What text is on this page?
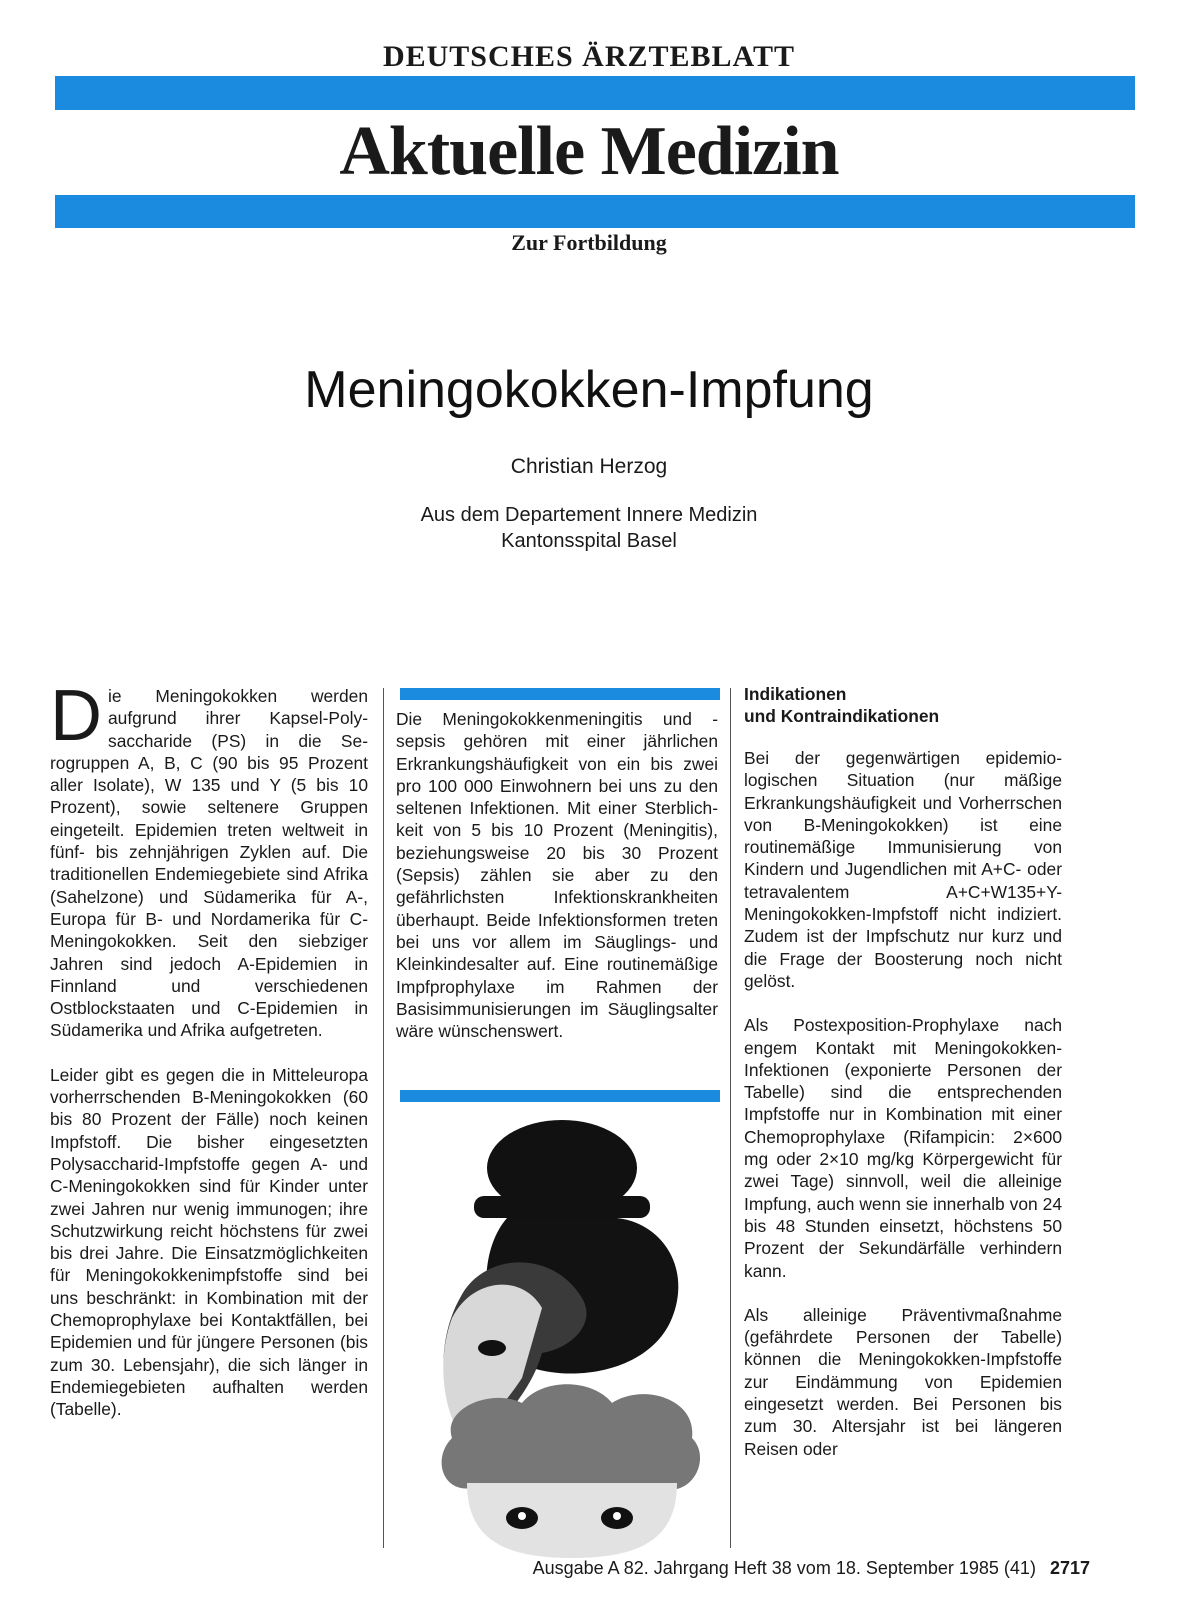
DEUTSCHES ÄRZTEBLATT
Aktuelle Medizin
Zur Fortbildung
Meningokokken-Impfung
Christian Herzog
Aus dem Departement Innere Medizin
Kantonsspital Basel

Die Meningokokken werden aufgrund ihrer Kapsel-Polysaccharide (PS) in die Serogruppen A, B, C (90 bis 95 Prozent aller Isolate), W 135 und Y (5 bis 10 Prozent), sowie seltenere Gruppen eingeteilt. Epidemien treten weltweit in fünf- bis zehnjährigen Zyklen auf. Die traditionellen Endemiegebiete sind Afrika (Sahelzone) und Südamerika für A-, Europa für B- und Nordamerika für C-Meningokokken. Seit den siebziger Jahren sind jedoch A-Epidemien in Finnland und verschiedenen Ostblockstaaten und C-Epidemien in Südamerika und Afrika aufgetreten.

Leider gibt es gegen die in Mitteleuropa vorherrschenden B-Meningokokken (60 bis 80 Prozent der Fälle) noch keinen Impfstoff. Die bisher eingesetzten Polysaccharid-Impfstoffe gegen A- und C-Meningokokken sind für Kinder unter zwei Jahren nur wenig immunogen; ihre Schutzwirkung reicht höchstens für zwei bis drei Jahre. Die Einsatzmöglichkeiten für Meningokokkenimpfstoffe sind bei uns beschränkt: in Kombination mit der Chemoprophylaxe bei Kontaktfällen, bei Epidemien und für jüngere Personen (bis zum 30. Lebensjahr), die sich länger in Endemiegebieten aufhalten werden (Tabelle).

Die Meningokokkenmeningitis und -sepsis gehören mit einer jährlichen Erkrankungshäufigkeit von ein bis zwei pro 100 000 Einwohnern bei uns zu den seltenen Infektionen. Mit einer Sterblichkeit von 5 bis 10 Prozent (Meningitis), beziehungsweise 20 bis 30 Prozent (Sepsis) zählen sie aber zu den gefährlichsten Infektionskrankheiten überhaupt. Beide Infektionsformen treten bei uns vor allem im Säuglings- und Kleinkindesalter auf. Eine routinemäßige Impfprophylaxe im Rahmen der Basisimmunisierungen im Säuglingsalter wäre wünschenswert.

Indikationen
und Kontraindikationen

Bei der gegenwärtigen epidemiologischen Situation (nur mäßige Erkrankungshäufigkeit und Vorherrschen von B-Meningokokken) ist eine routinemäßige Immunisierung von Kindern und Jugendlichen mit A+C- oder tetravalentem A+C+W135+Y-Meningokokken-Impfstoff nicht indiziert. Zudem ist der Impfschutz nur kurz und die Frage der Boosterung noch nicht gelöst.

Als Postexposition-Prophylaxe nach engem Kontakt mit Meningokokken-Infektionen (exponierte Personen der Tabelle) sind die entsprechenden Impfstoffe nur in Kombination mit einer Chemoprophylaxe (Rifampicin: 2×600 mg oder 2×10 mg/kg Körpergewicht für zwei Tage) sinnvoll, weil die alleinige Impfung, auch wenn sie innerhalb von 24 bis 48 Stunden einsetzt, höchstens 50 Prozent der Sekundärfälle verhindern kann.

Als alleinige Präventivmaßnahme (gefährdete Personen der Tabelle) können die Meningokokken-Impfstoffe zur Eindämmung von Epidemien eingesetzt werden. Bei Personen bis zum 30. Altersjahr ist bei längeren Reisen oder

Ausgabe A 82. Jahrgang Heft 38 vom 18. September 1985 (41) 2717
